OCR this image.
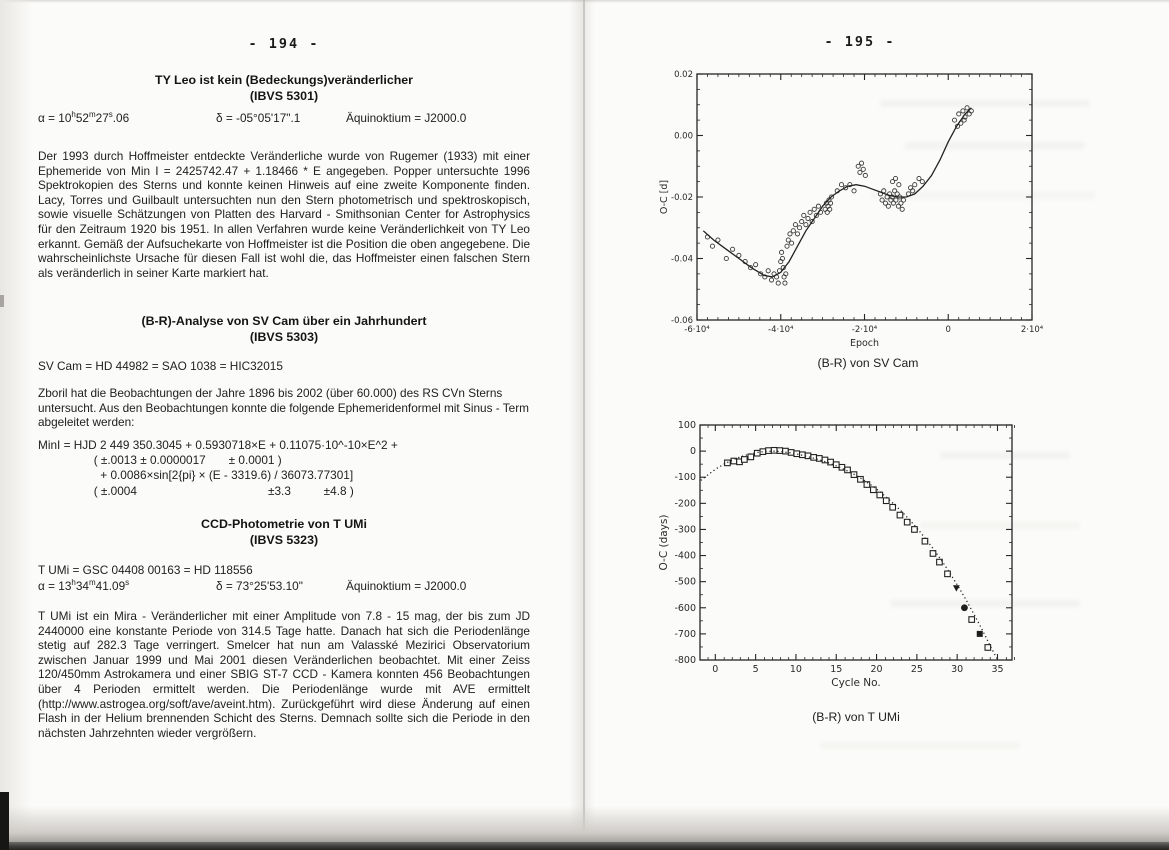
- 194 -
TY Leo ist kein (Bedeckungs)veränderlicher
(IBVS 5301)
$\alpha = 10^h52^m27^s.06$	δ = -05°05'17".1	Äquinoktium = J2000.0
Der 1993 durch Hoffmeister entdeckte Veränderliche wurde von Rugemer (1933) mit einer Ephemeride von Min I = 2425742.47 + 1.18466 * E angegeben. Popper untersuchte 1996 Spektrokopien des Sterns und konnte keinen Hinweis auf eine zweite Komponente finden. Lacy, Torres und Guilbault untersuchten nun den Stern photometrisch und spektroskopisch, sowie visuelle Schätzungen von Platten des Harvard - Smithsonian Center for Astrophysics für den Zeitraum 1920 bis 1951. In allen Verfahren wurde keine Veränderlichkeit von TY Leo erkannt. Gemäß der Aufsuchekarte von Hoffmeister ist die Position die oben angegebene. Die wahrscheinlichste Ursache für diesen Fall ist wohl die, das Hoffmeister einen falschen Stern als veränderlich in seiner Karte markiert hat.
(B-R)-Analyse von SV Cam über ein Jahrhundert
(IBVS 5303)
SV Cam = HD 44982 = SAO 1038 = HIC32015
Zboril hat die Beobachtungen der Jahre 1896 bis 2002 (über 60.000) des RS CVn Sterns untersucht. Aus den Beobachtungen konnte die folgende Ephemeridenformel mit Sinus - Term abgeleitet werden:
MinI = HJD 2 449 350.3045 + 0.5930718×E + 0.11075·10^-10×E^2 +
( ±.0013 ± 0.0000017       ± 0.0001 )
+ 0.0086×sin[2{pi} × (E - 3319.6) / 36073.77301]
( ±.0004                                        ±3.3          ±4.8 )
CCD-Photometrie von T UMi
(IBVS 5323)
T UMi = GSC 04408 00163 = HD 118556
$\alpha = 13^h34^m41.09^s$	δ = 73°25'53.10"	Äquinoktium = J2000.0
T UMi ist ein Mira - Veränderlicher mit einer Amplitude von 7.8 - 15 mag, der bis zum JD 2440000 eine konstante Periode von 314.5 Tage hatte. Danach hat sich die Periodenlänge stetig auf 282.3 Tage verringert. Smelcer hat nun am Valasské Mezirici Observatorium zwischen Januar 1999 und Mai 2001 diesen Veränderlichen beobachtet. Mit einer Zeiss 120/450mm Astrokamera und einer SBIG ST-7 CCD - Kamera konnten 456 Beobachtungen über 4 Perioden ermittelt werden. Die Periodenlänge wurde mit AVE ermittelt (http://www.astrogea.org/soft/ave/aveint.htm). Zurückgeführt wird diese Änderung auf einen Flash in der Helium brennenden Schicht des Sterns. Demnach sollte sich die Periode in den nächsten Jahrzehnten wieder vergrößern.
- 195 -
-6·10⁴	-4·10⁴	-2·10⁴	0	2·10⁴
0.02
0.00
-0.02
-0.04
-0.06
Epoch
O-C [d]
(B-R) von SV Cam
0	5	10	15	20	25	30	35
100
0
-100
-200
-300
-400
-500
-600
-700
-800
Cycle No.
O-C (days)
(B-R) von T UMi
